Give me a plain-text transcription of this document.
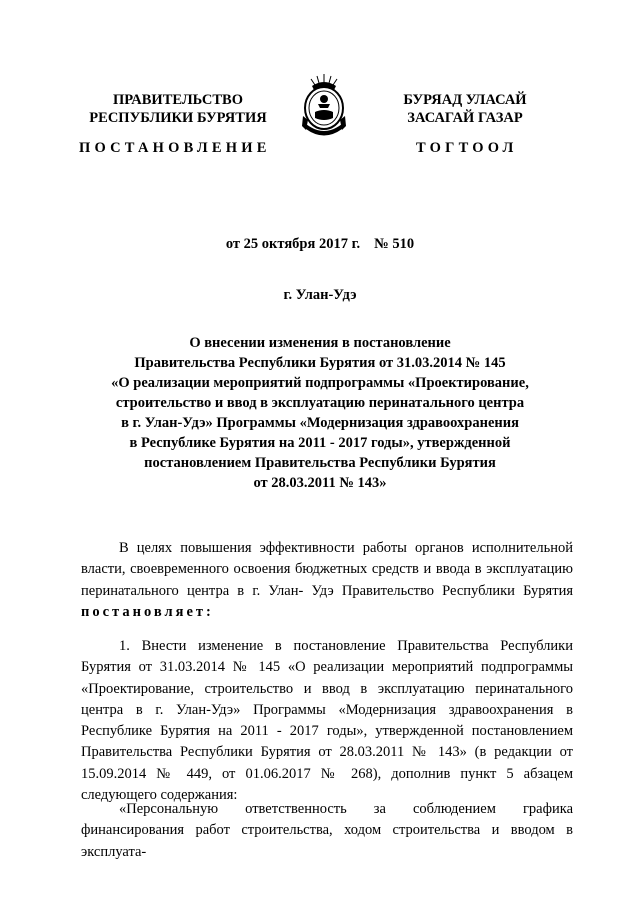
ПРАВИТЕЛЬСТВО
РЕСПУБЛИКИ БУРЯТИЯ
ПОСТАНОВЛЕНИЕ
БУРЯАД УЛАСАЙ
ЗАСАГАЙ ГАЗАР
ТОГТООЛ
от 25 октября 2017 г. № 510
г. Улан-Удэ
О внесении изменения в постановление
Правительства Республики Бурятия от 31.03.2014 № 145
«О реализации мероприятий подпрограммы «Проектирование,
строительство и ввод в эксплуатацию перинатального центра
в г. Улан-Удэ» Программы «Модернизация здравоохранения
в Республике Бурятия на 2011 - 2017 годы», утвержденной
постановлением Правительства Республики Бурятия
от 28.03.2011 № 143»

В целях повышения эффективности работы органов исполнительной власти, своевременного освоения бюджетных средств и ввода в эксплуатацию перинатального центра в г. Улан- Удэ Правительство Республики Бурятия постановляет:

1. Внести изменение в постановление Правительства Республики Бурятия от 31.03.2014 № 145 «О реализации мероприятий подпрограммы «Проектирование, строительство и ввод в эксплуатацию перинатального центра в г. Улан-Удэ» Программы «Модернизация здравоохранения в Республике Бурятия на 2011 - 2017 годы», утвержденной постановлением Правительства Республики Бурятия от 28.03.2011 № 143» (в редакции от 15.09.2014 № 449, от 01.06.2017 № 268), дополнив пункт 5 абзацем следующего содержания:

«Персональную ответственность за соблюдением графика финансирования работ строительства, ходом строительства и вводом в эксплуата-
